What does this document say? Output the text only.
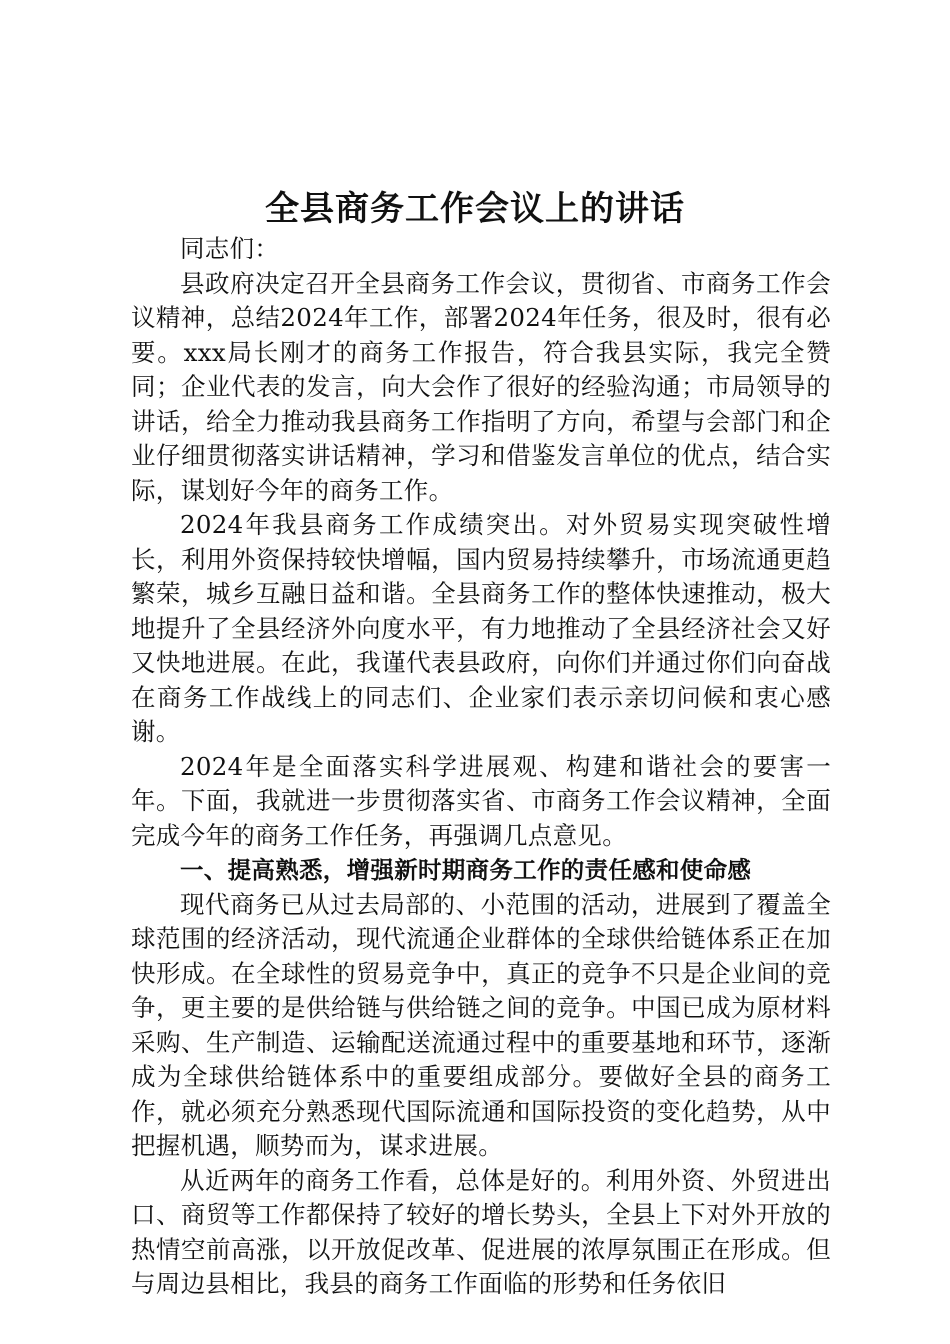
全县商务工作会议上的讲话

同志们：

县政府决定召开全县商务工作会议，贯彻省、市商务工作会议精神，总结2024年工作，部署2024年任务，很及时，很有必要。xxx局长刚才的商务工作报告，符合我县实际，我完全赞同；企业代表的发言，向大会作了很好的经验沟通；市局领导的讲话，给全力推动我县商务工作指明了方向，希望与会部门和企业仔细贯彻落实讲话精神，学习和借鉴发言单位的优点，结合实际，谋划好今年的商务工作。

2024年我县商务工作成绩突出。对外贸易实现突破性增长，利用外资保持较快增幅，国内贸易持续攀升，市场流通更趋繁荣，城乡互融日益和谐。全县商务工作的整体快速推动，极大地提升了全县经济外向度水平，有力地推动了全县经济社会又好又快地进展。在此，我谨代表县政府，向你们并通过你们向奋战在商务工作战线上的同志们、企业家们表示亲切问候和衷心感谢。

2024年是全面落实科学进展观、构建和谐社会的要害一年。下面，我就进一步贯彻落实省、市商务工作会议精神，全面完成今年的商务工作任务，再强调几点意见。

一、提高熟悉，增强新时期商务工作的责任感和使命感

现代商务已从过去局部的、小范围的活动，进展到了覆盖全球范围的经济活动，现代流通企业群体的全球供给链体系正在加快形成。在全球性的贸易竞争中，真正的竞争不只是企业间的竞争，更主要的是供给链与供给链之间的竞争。中国已成为原材料采购、生产制造、运输配送流通过程中的重要基地和环节，逐渐成为全球供给链体系中的重要组成部分。要做好全县的商务工作，就必须充分熟悉现代国际流通和国际投资的变化趋势，从中把握机遇，顺势而为，谋求进展。

从近两年的商务工作看，总体是好的。利用外资、外贸进出口、商贸等工作都保持了较好的增长势头，全县上下对外开放的热情空前高涨，以开放促改革、促进展的浓厚氛围正在形成。但与周边县相比，我县的商务工作面临的形势和任务依旧
